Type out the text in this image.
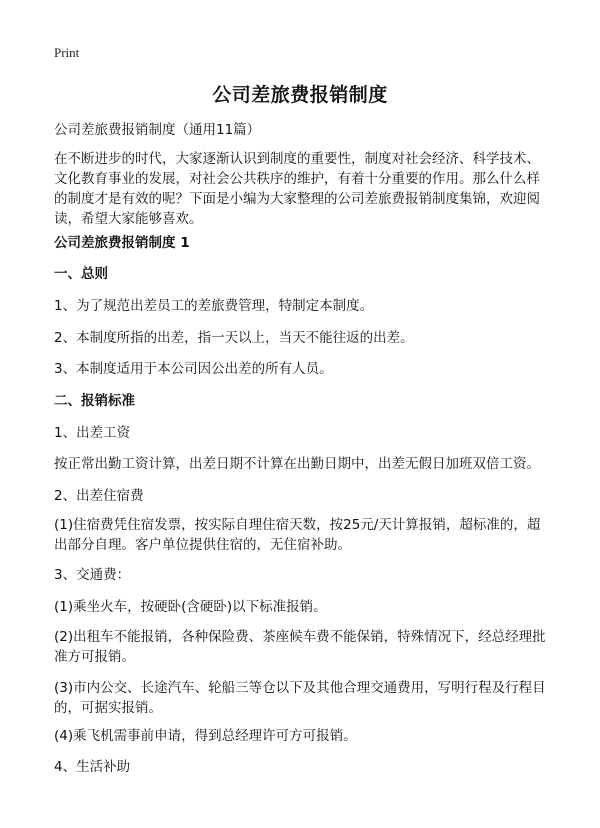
Print
公司差旅费报销制度
公司差旅费报销制度（通用11篇）
在不断进步的时代，大家逐渐认识到制度的重要性，制度对社会经济、科学技术、文化教育事业的发展，对社会公共秩序的维护，有着十分重要的作用。那么什么样的制度才是有效的呢？下面是小编为大家整理的公司差旅费报销制度集锦，欢迎阅读，希望大家能够喜欢。
公司差旅费报销制度 1
一、总则
1、为了规范出差员工的差旅费管理，特制定本制度。
2、本制度所指的出差，指一天以上，当天不能往返的出差。
3、本制度适用于本公司因公出差的所有人员。
二、报销标准
1、出差工资
按正常出勤工资计算，出差日期不计算在出勤日期中，出差无假日加班双倍工资。
2、出差住宿费
(1)住宿费凭住宿发票，按实际自理住宿天数，按25元/天计算报销，超标准的，超出部分自理。客户单位提供住宿的，无住宿补助。
3、交通费：
(1)乘坐火车，按硬卧(含硬卧)以下标准报销。
(2)出租车不能报销，各种保险费、茶座候车费不能保销，特殊情况下，经总经理批准方可报销。
(3)市内公交、长途汽车、轮船三等仓以下及其他合理交通费用，写明行程及行程目的，可据实报销。
(4)乘飞机需事前申请，得到总经理许可方可报销。
4、生活补助
